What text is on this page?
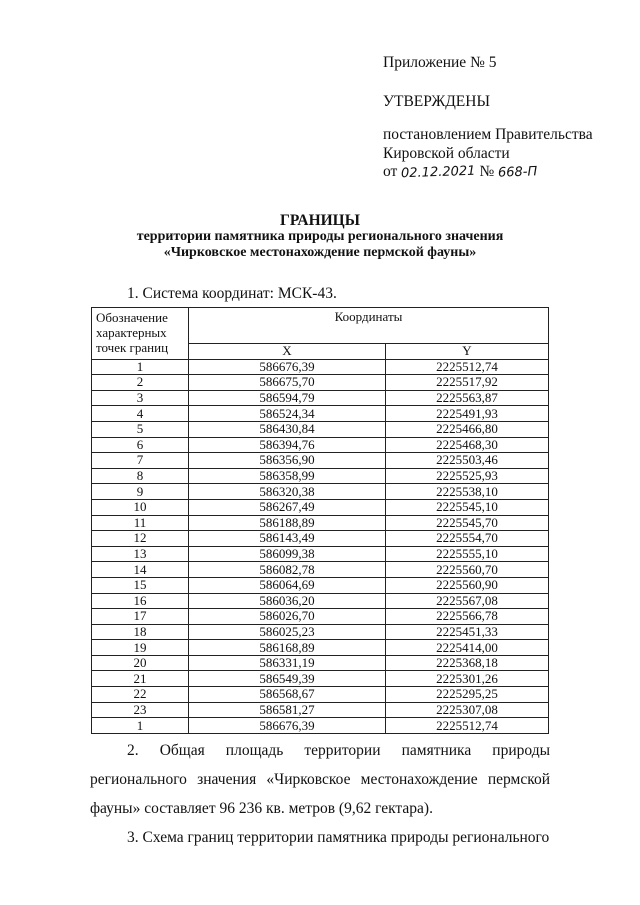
Приложение № 5
УТВЕРЖДЕНЫ
постановлением Правительства
Кировской области
от 02.12.2021 № 668-П
ГРАНИЦЫ
территории памятника природы регионального значения
«Чирковское местонахождение пермской фауны»
1. Система координат: МСК-43.
Обозначение характерных точек границ	Координаты	
	X	Y
1	586676,39	2225512,74
2	586675,70	2225517,92
3	586594,79	2225563,87
4	586524,34	2225491,93
5	586430,84	2225466,80
6	586394,76	2225468,30
7	586356,90	2225503,46
8	586358,99	2225525,93
9	586320,38	2225538,10
10	586267,49	2225545,10
11	586188,89	2225545,70
12	586143,49	2225554,70
13	586099,38	2225555,10
14	586082,78	2225560,70
15	586064,69	2225560,90
16	586036,20	2225567,08
17	586026,70	2225566,78
18	586025,23	2225451,33
19	586168,89	2225414,00
20	586331,19	2225368,18
21	586549,39	2225301,26
22	586568,67	2225295,25
23	586581,27	2225307,08
1	586676,39	2225512,74
2. Общая площадь территории памятника природы регионального значения «Чирковское местонахождение пермской фауны» составляет 96 236 кв. метров (9,62 гектара).
3. Схема границ территории памятника природы регионального
